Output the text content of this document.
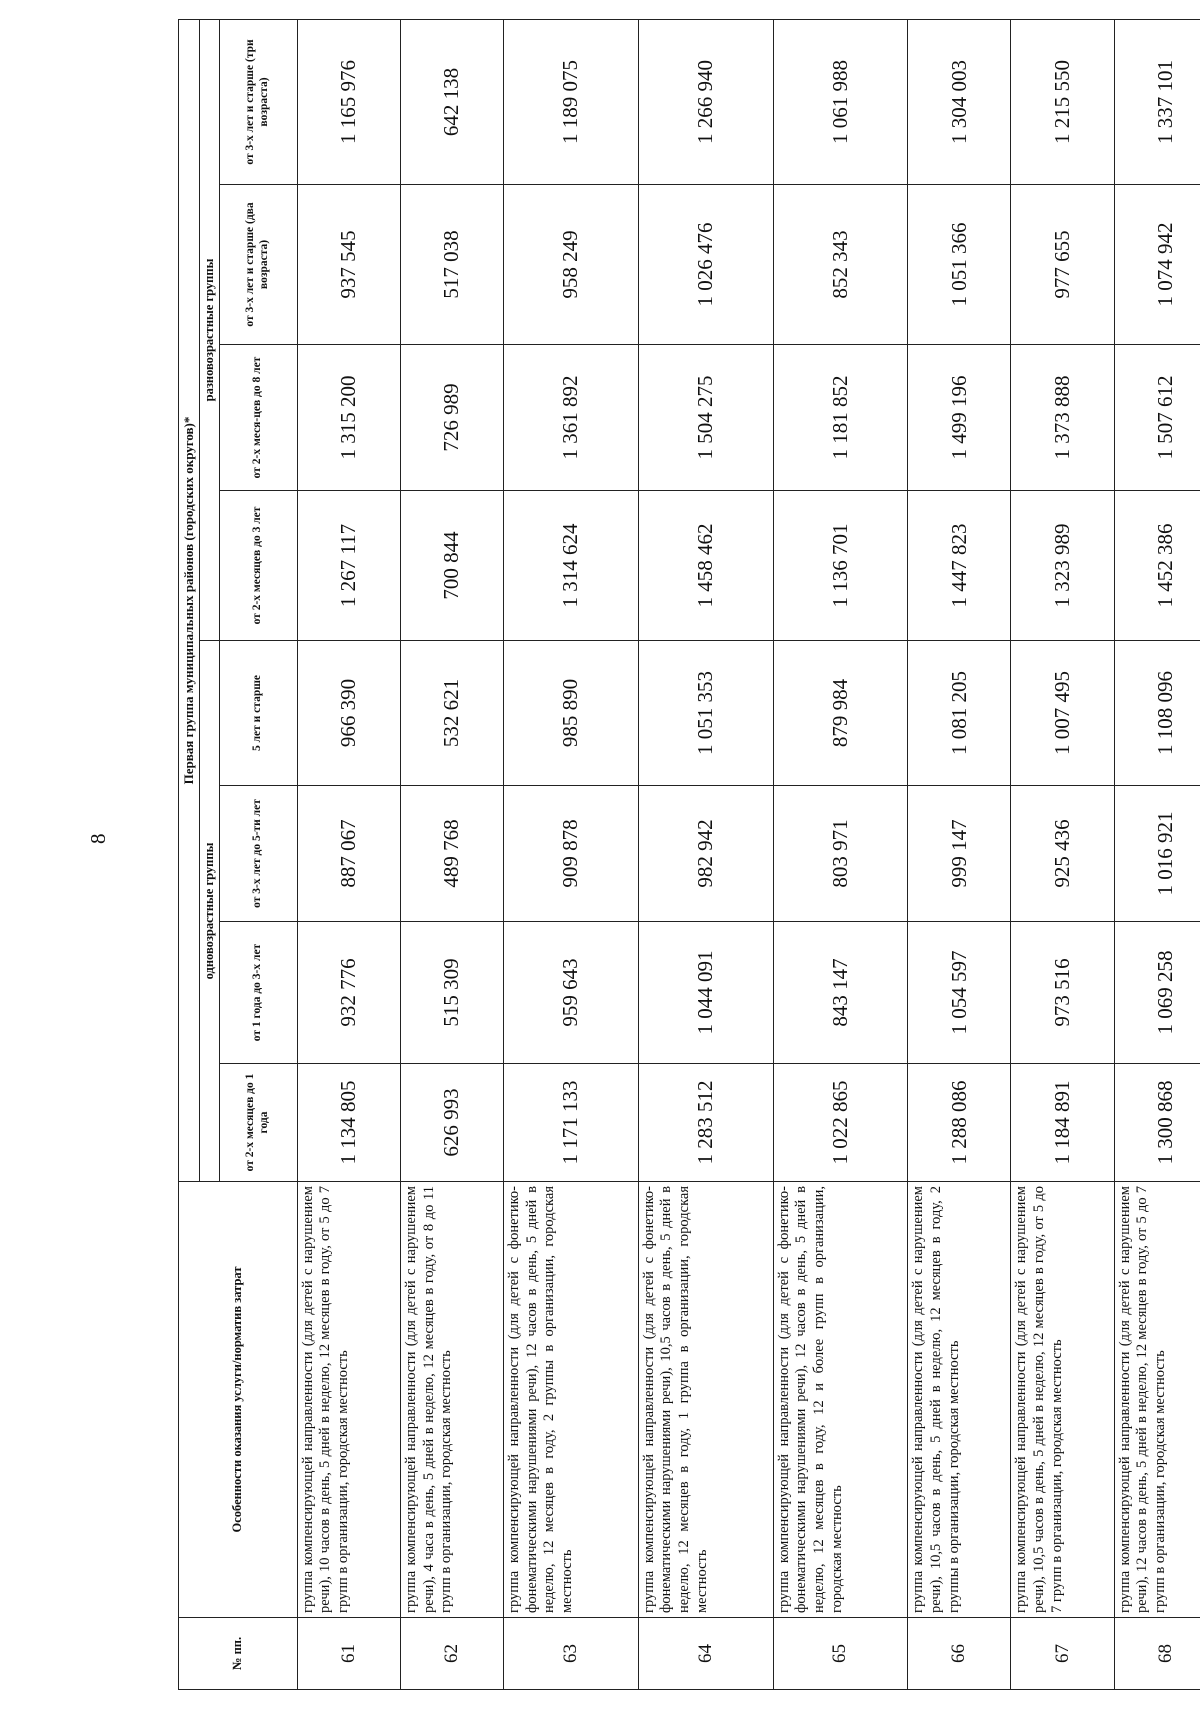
8
№ пп.	Особенности оказания услуги/норматив затрат	Первая группа муниципальных районов (городских округов)*							
		одновозрастные группы				разновозрастные группы			
		от 2-х месяцев до 1 года	от 1 года до 3-х лет	от 3-х лет до 5-ти лет	5 лет и старше	от 2-х месяцев до 3 лет	от 2-х меся-цев до 8 лет	от 3-х лет и старше (два возраста)	от 3-х лет и старше (три возраста)
61	группа компенсирующей направленности (для детей с нарушением речи), 10 часов в день, 5 дней в неделю, 12 месяцев в году, от 5 до 7 групп в организации, городская местность	1 134 805	932 776	887 067	966 390	1 267 117	1 315 200	937 545	1 165 976
62	группа компенсирующей направленности (для детей с нарушением речи), 4 часа в день, 5 дней в неделю, 12 месяцев в году, от 8 до 11 групп в организации, городская местность	626 993	515 309	489 768	532 621	700 844	726 989	517 038	642 138
63	группа компенсирующей направленности (для детей с фонетико-фонематическими нарушениями речи), 12 часов в день, 5 дней в неделю, 12 месяцев в году, 2 группы в организации, городская местность	1 171 133	959 643	909 878	985 890	1 314 624	1 361 892	958 249	1 189 075
64	группа компенсирующей направленности (для детей с фонетико-фонематическими нарушениями речи), 10,5 часов в день, 5 дней в неделю, 12 месяцев в году, 1 группа в организации, городская местность	1 283 512	1 044 091	982 942	1 051 353	1 458 462	1 504 275	1 026 476	1 266 940
65	группа компенсирующей направленности (для детей с фонетико-фонематическими нарушениями речи), 12 часов в день, 5 дней в неделю, 12 месяцев в году, 12 и более групп в организации, городская местность	1 022 865	843 147	803 971	879 984	1 136 701	1 181 852	852 343	1 061 988
66	группа компенсирующей направленности (для детей с нарушением речи), 10,5 часов в день, 5 дней в неделю, 12 месяцев в году, 2 группы в организации, городская местность	1 288 086	1 054 597	999 147	1 081 205	1 447 823	1 499 196	1 051 366	1 304 003
67	группа компенсирующей направленности (для детей с нарушением речи), 10,5 часов в день, 5 дней в неделю, 12 месяцев в году, от 5 до 7 групп в организации, городская местность	1 184 891	973 516	925 436	1 007 495	1 323 989	1 373 888	977 655	1 215 550
68	группа компенсирующей направленности (для детей с нарушением речи), 12 часов в день, 5 дней в неделю, 12 месяцев в году, от 5 до 7 групп в организации, городская местность	1 300 868	1 069 258	1 016 921	1 108 096	1 452 386	1 507 612	1 074 942	1 337 101
